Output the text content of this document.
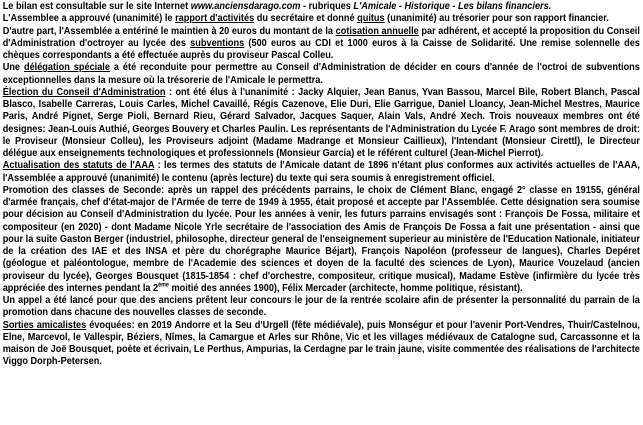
Le bilan est consultable sur le site Internet www.anciensdarago.com - rubriques L'Amicale - Historique - Les bilans financiers.

L'Assemblee a approuvé (unanimité) le rapport d'activités du secrétaire et donné quitus (unanimité) au trésorier pour son rapport financier.

D'autre part, l'Assemblée a entériné le maintien à 20 euros du montant de la cotisation annuelle par adhérent, et accepté la proposition du Conseil d'Administration d'octroyer au lycée des subventions (500 euros au CDI et 1000 euros à la Caisse de Solidarité. Une remise solennelle des chèques correspondants a été effectuée auprès du proviseur Pascal Colleu.

Une délégation spéciale a été reconduite pour permettre au Conseil d'Administration de décider en cours d'année de l'octroi de subventions exceptionnelles dans la mesure où la trésorerie de l'Amicale le permettra.

Élection du Conseil d'Administration : ont été élus à l'unanimité : Jacky Alquier, Jean Banus, Yvan Bassou, Marcel Bile, Robert Blanch, Pascal Blasco, Isabelle Carreras, Louis Carles, Michel Cavaillé, Régis Cazenove, Elie Duri, Elie Garrigue, Daniel Lloancy, Jean-Michel Mestres, Maurice Paris, André Pignet, Serge Pioli, Bernard Rieu, Gérard Salvador, Jacques Saquer, Alain Vals, André Xech. Trois nouveaux membres ont été designes: Jean-Louis Authié, Georges Bouvery et Charles Paulin. Les représentants de l'Administration du Lycée F. Arago sont membres de droit: le Proviseur (Monsieur Colleu), les Proviseurs adjoint (Madame Madrange et Monsieur Caillieux), l'Intendant (Monsieur Cirettl), le Directeur délégue aux enseignements technologiques et professionnels (Monsieur Garcia) et le référent culturel (Jean-Michel Pierrot).

Actualisation des statuts de l'AAA : les termes des statuts de l'Amicale datant de 1896 n'étant plus conformes aux activités actuelles de l'AAA, l'Assemblée a approuvé (unanimité) le contenu (après lecture) du texte qui sera soumis à enregistrement officiel.

Promotion des classes de Seconde: après un rappel des précédents parrains, le choix de Clément Blanc, engagé 2° classe en 19155, général d'armée français, chef d'état-major de l'Armée de terre de 1949 à 1955, était proposé et accepte par l'Assemblée. Cette désignation sera soumise pour décision au Conseil d'Administration du lycée. Pour les années à venir, les futurs parrains envisagés sont : François De Fossa, militaire et compositeur (en 2020) - dont Madame Nicole Yrle secrétaire de l'association des Amis de François De Fossa a fait une présentation - ainsi que pour la suite Gaston Berger (industriel, philosophe, directeur general de l'enseignement superieur au ministère de l'Education Nationale, initiateur de la création des IAE et des INSA et père du chorégraphe Maurice Béjart), François Napoléon (professeur de langues), Charles Depéret (géologue et paléontologue, membre de l'Academie des sciences et doyen de la faculté des sciences de Lyon), Maurice Vouzelaud (ancien proviseur du lycée), Georges Bousquet (1815-1854 : chef d'orchestre, compositeur, critique musical), Madame Estève (infirmière du lycée très appréciée des internes pendant la 2ème moitié des années 1900), Félix Mercader (architecte, homme politique, résistant).

Un appel a été lancé pour que des anciens prêtent leur concours le jour de la rentrée scolaire afin de présenter la personnalité du parrain de la promotion dans chacune des nouvelles classes de seconde.

Sorties amicalistes évoquées: en 2019 Andorre et la Seu d'Urgell (fête médiévale), puis Monségur et pour l'avenir Port-Vendres, Thuir/Castelnou, Elne, Marcevol, le Vallespir, Béziers, Nîmes, la Camargue et Arles sur Rhône, Vic et les villages médiévaux de Catalogne sud, Carcassonne et la maison de Joë Bousquet, poète et écrivain, Le Perthus, Ampurias, la Cerdagne par le train jaune, visite commentée des réalisations de l'architecte Viggo Dorph-Petersen.
